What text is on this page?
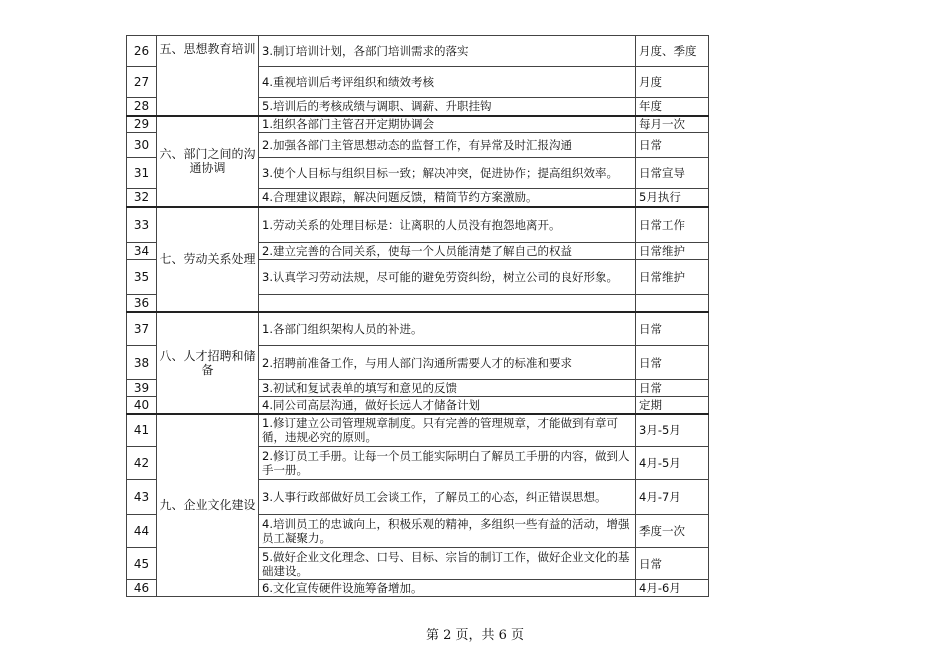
26	五、思想教育培训	3.制订培训计划，各部门培训需求的落实	月度、季度
27		4.重视培训后考评组织和绩效考核	月度
28		5.培训后的考核成绩与调职、调薪、升职挂钩	年度
29	六、部门之间的沟通协调	1.组织各部门主管召开定期协调会	每月一次
30		2.加强各部门主管思想动态的监督工作，有异常及时汇报沟通	日常
31		3.使个人目标与组织目标一致；解决冲突，促进协作；提高组织效率。	日常宣导
32		4.合理建议跟踪，解决问题反馈，精简节约方案激励。	5月执行
33	七、劳动关系处理	1.劳动关系的处理目标是：让离职的人员没有抱怨地离开。	日常工作
34		2.建立完善的合同关系，使每一个人员能清楚了解自己的权益	日常维护
35		3.认真学习劳动法规，尽可能的避免劳资纠纷，树立公司的良好形象。	日常维护
36			
37	八、人才招聘和储备	1.各部门组织架构人员的补进。	日常
38		2.招聘前准备工作，与用人部门沟通所需要人才的标准和要求	日常
39		3.初试和复试表单的填写和意见的反馈	日常
40		4.同公司高层沟通，做好长远人才储备计划	定期
41	九、企业文化建设	1.修订建立公司管理规章制度。只有完善的管理规章，才能做到有章可循，违规必究的原则。	3月-5月
42		2.修订员工手册。让每一个员工能实际明白了解员工手册的内容，做到人手一册。	4月-5月
43		3.人事行政部做好员工会谈工作，了解员工的心态，纠正错误思想。	4月-7月
44		4.培训员工的忠诚向上，积极乐观的精神，多组织一些有益的活动，增强员工凝聚力。	季度一次
45		5.做好企业文化理念、口号、目标、宗旨的制订工作，做好企业文化的基础建设。	日常
46		6.文化宣传硬件设施筹备增加。	4月-6月
第 2 页，共 6 页
